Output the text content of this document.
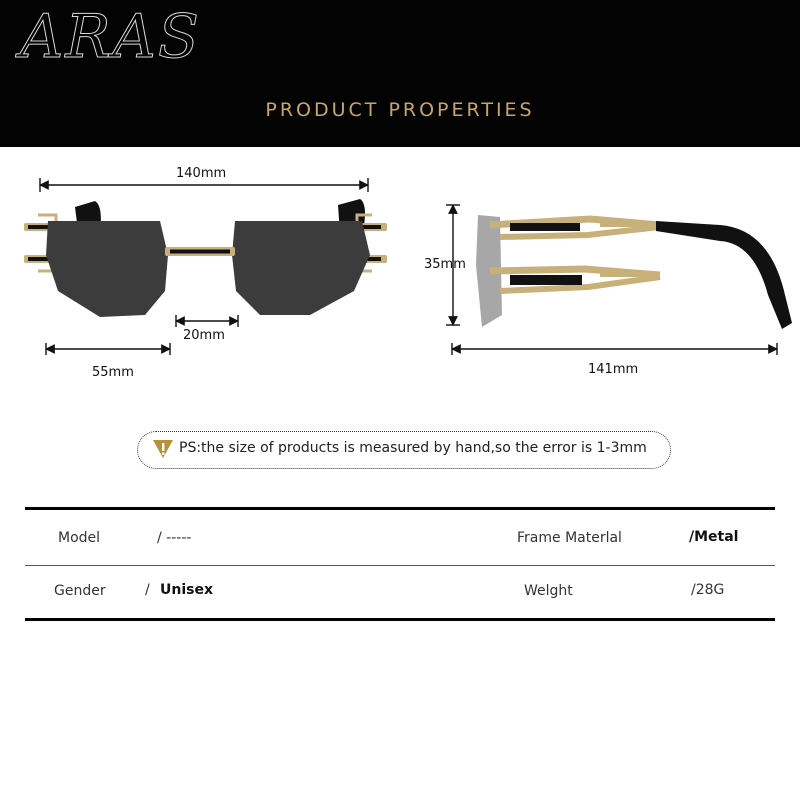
ARAS
PRODUCT PROPERTIES
140mm
20mm
55mm
35mm
141mm
PS:the size of products is measured by hand,so the error is 1-3mm
Model	/ -----	Frame Materlal	/Metal
Gender	/ Unisex	Welght	/28G
